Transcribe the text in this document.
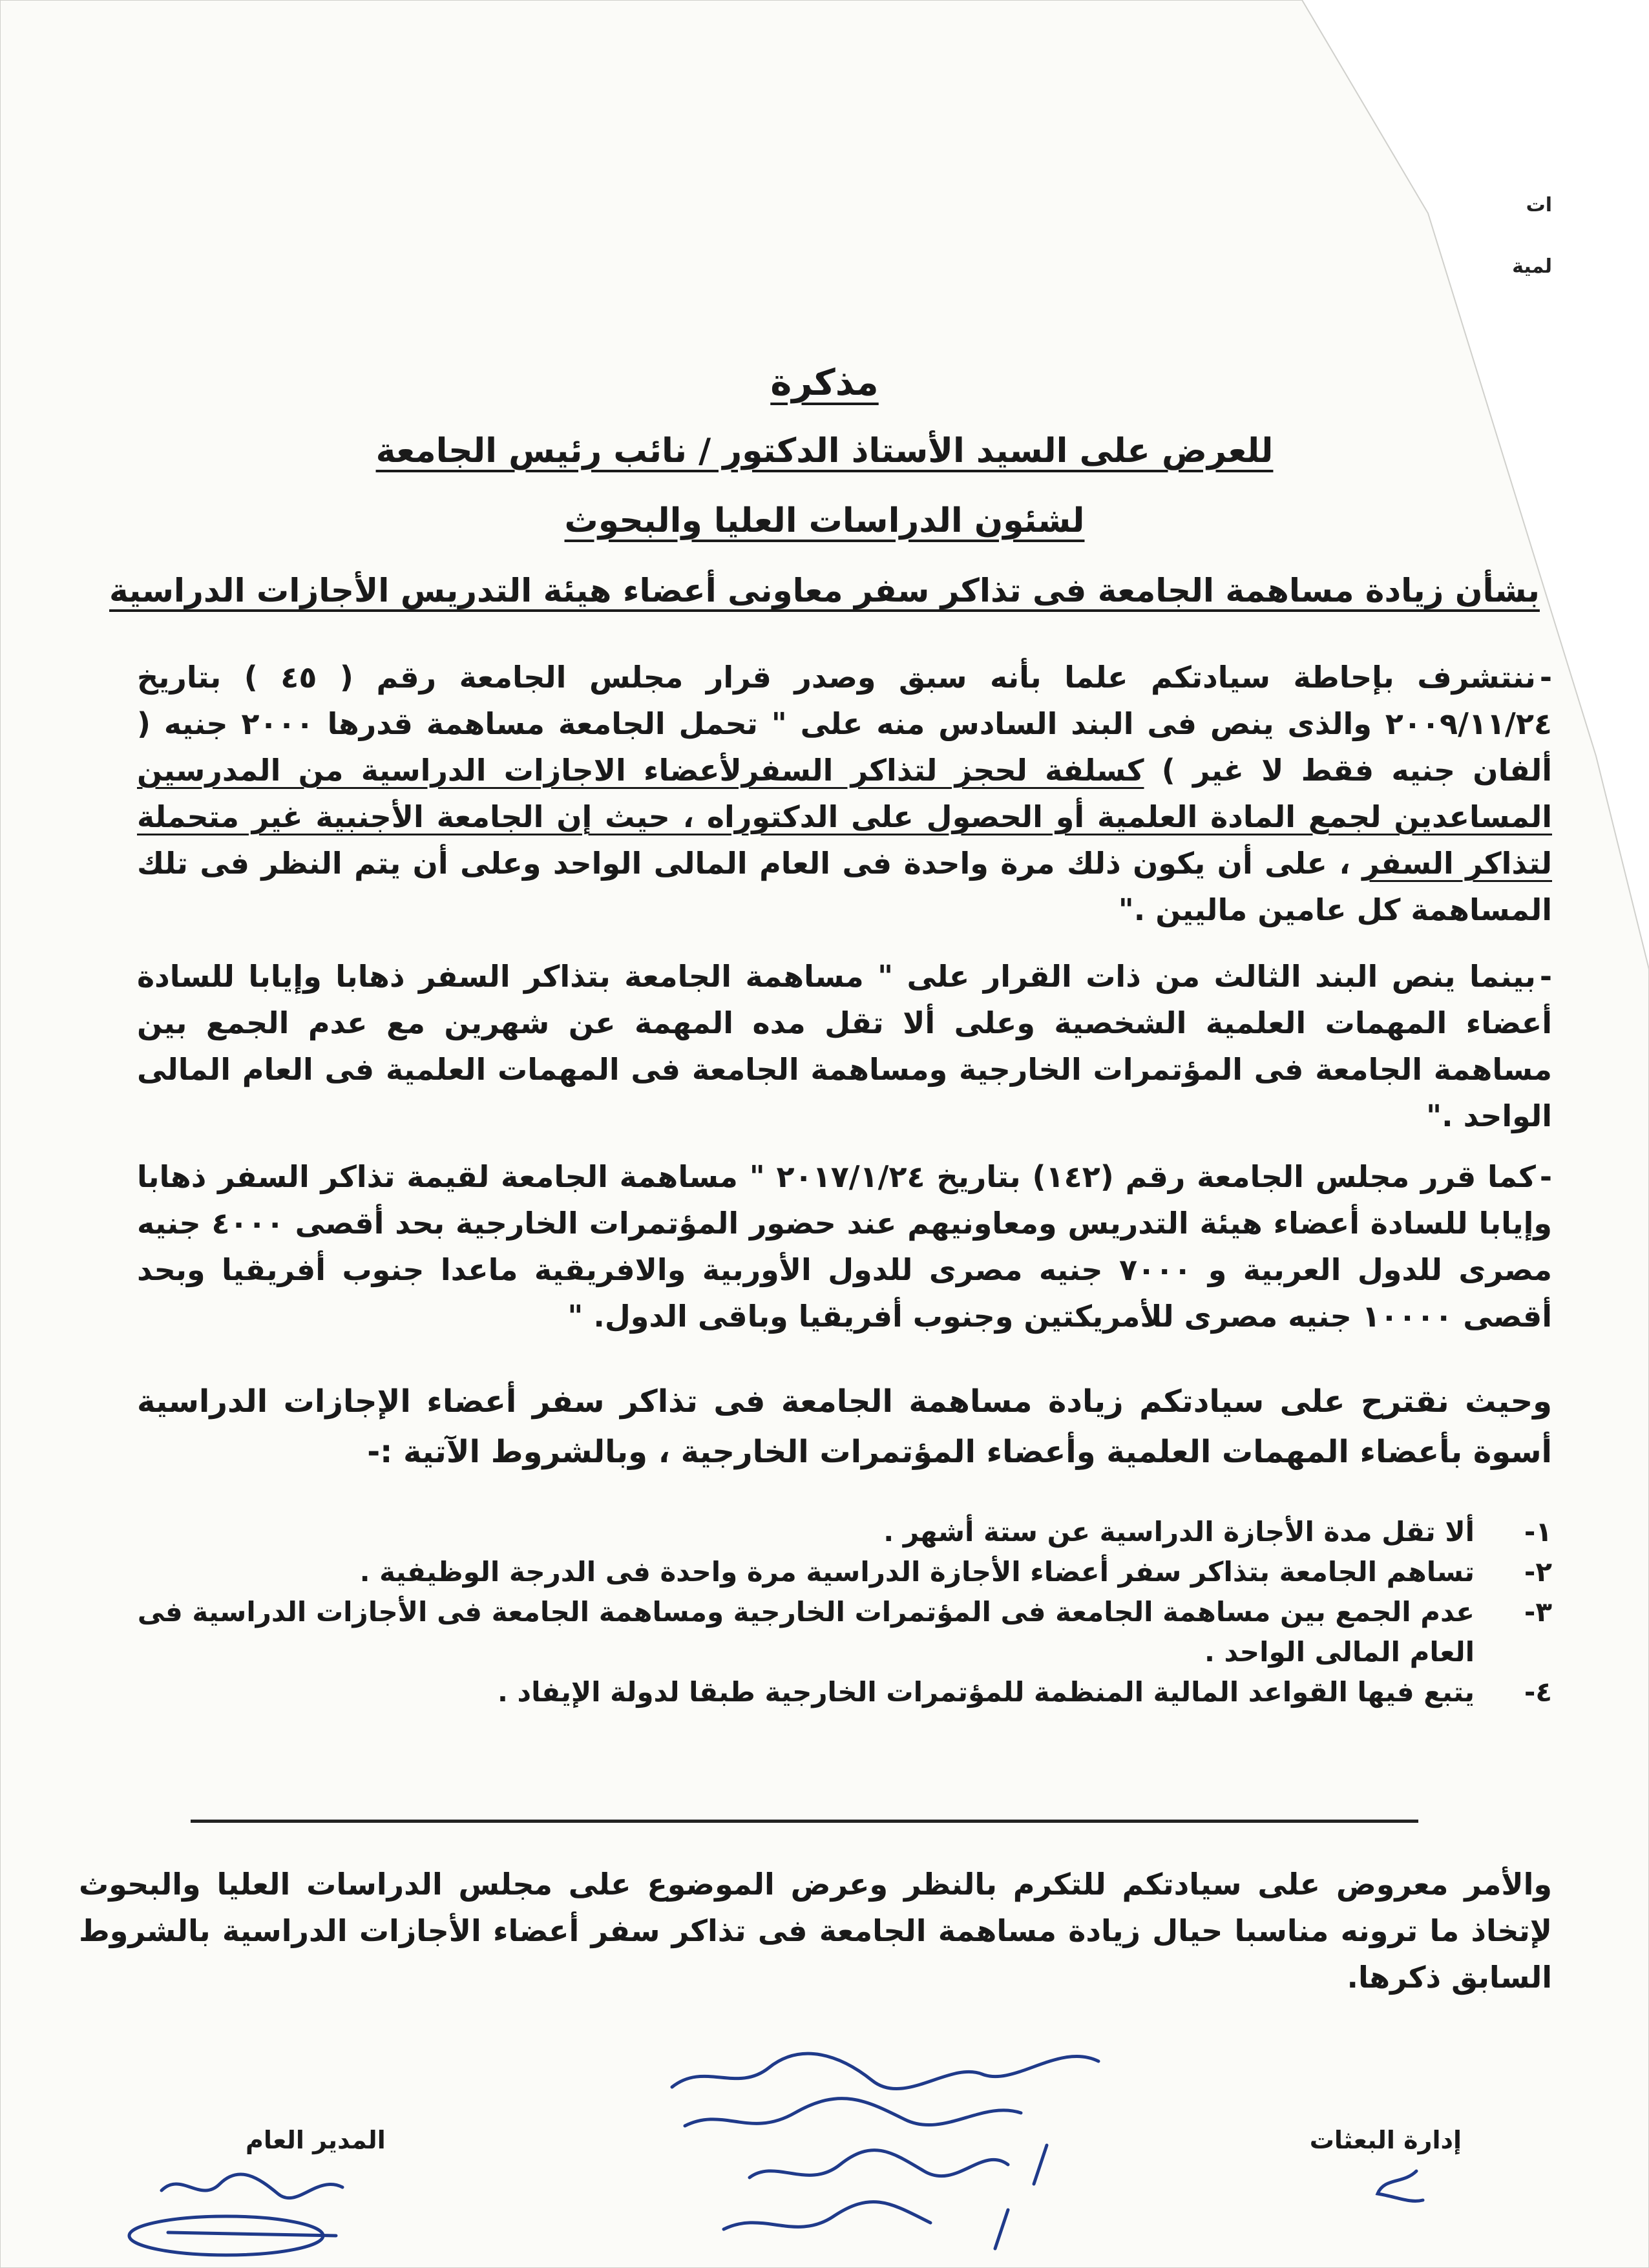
ات
لمية
مذكرة
للعرض على السيد الأستاذ الدكتور / نائب رئيس الجامعة
لشئون الدراسات العليا والبحوث
بشأن زيادة مساهمة الجامعة فى تذاكر سفر معاونى أعضاء هيئة التدريس الأجازات الدراسية
-ننتشرف بإحاطة سيادتكم علما بأنه سبق وصدر قرار مجلس الجامعة رقم ( ٤٥ ) بتاريخ ٢٠٠٩/١١/٢٤ والذى ينص فى البند السادس منه على " تحمل الجامعة مساهمة قدرها ٢٠٠٠ جنيه ( ألفان جنيه فقط لا غير ) كسلفة لحجز لتذاكر السفرلأعضاء الاجازات الدراسية من المدرسين المساعدين لجمع المادة العلمية أو الحصول على الدكتوراه ، حيث إن الجامعة الأجنبية غير متحملة لتذاكر السفر ، على أن يكون ذلك مرة واحدة فى العام المالى الواحد وعلى أن يتم النظر فى تلك المساهمة كل عامين ماليين ."
-بينما ينص البند الثالث من ذات القرار على " مساهمة الجامعة بتذاكر السفر ذهابا وإيابا للسادة أعضاء المهمات العلمية الشخصية وعلى ألا تقل مده المهمة عن شهرين مع عدم الجمع بين مساهمة الجامعة فى المؤتمرات الخارجية ومساهمة الجامعة فى المهمات العلمية فى العام المالى الواحد ."
-كما قرر مجلس الجامعة رقم (١٤٢) بتاريخ ٢٠١٧/١/٢٤ " مساهمة الجامعة لقيمة تذاكر السفر ذهابا وإيابا للسادة أعضاء هيئة التدريس ومعاونيهم عند حضور المؤتمرات الخارجية بحد أقصى ٤٠٠٠ جنيه مصرى للدول العربية و ٧٠٠٠ جنيه مصرى للدول الأوربية والافريقية ماعدا جنوب أفريقيا وبحد أقصى ١٠٠٠٠ جنيه مصرى للأمريكتين وجنوب أفريقيا وباقى الدول. "
وحيث نقترح على سيادتكم زيادة مساهمة الجامعة فى تذاكر سفر أعضاء الإجازات الدراسية أسوة بأعضاء المهمات العلمية وأعضاء المؤتمرات الخارجية ، وبالشروط الآتية :-
١-
ألا تقل مدة الأجازة الدراسية عن ستة أشهر .
٢-
تساهم الجامعة بتذاكر سفر أعضاء الأجازة الدراسية مرة واحدة فى الدرجة الوظيفية .
٣-
عدم الجمع بين مساهمة الجامعة فى المؤتمرات الخارجية ومساهمة الجامعة فى الأجازات الدراسية فى العام المالى الواحد .
٤-
يتبع فيها القواعد المالية المنظمة للمؤتمرات الخارجية طبقا لدولة الإيفاد .
والأمر معروض على سيادتكم للتكرم بالنظر وعرض الموضوع على مجلس الدراسات العليا والبحوث لإتخاذ ما ترونه مناسبا حيال زيادة مساهمة الجامعة فى تذاكر سفر أعضاء الأجازات الدراسية بالشروط السابق ذكرها.
إدارة البعثات
المدير العام
